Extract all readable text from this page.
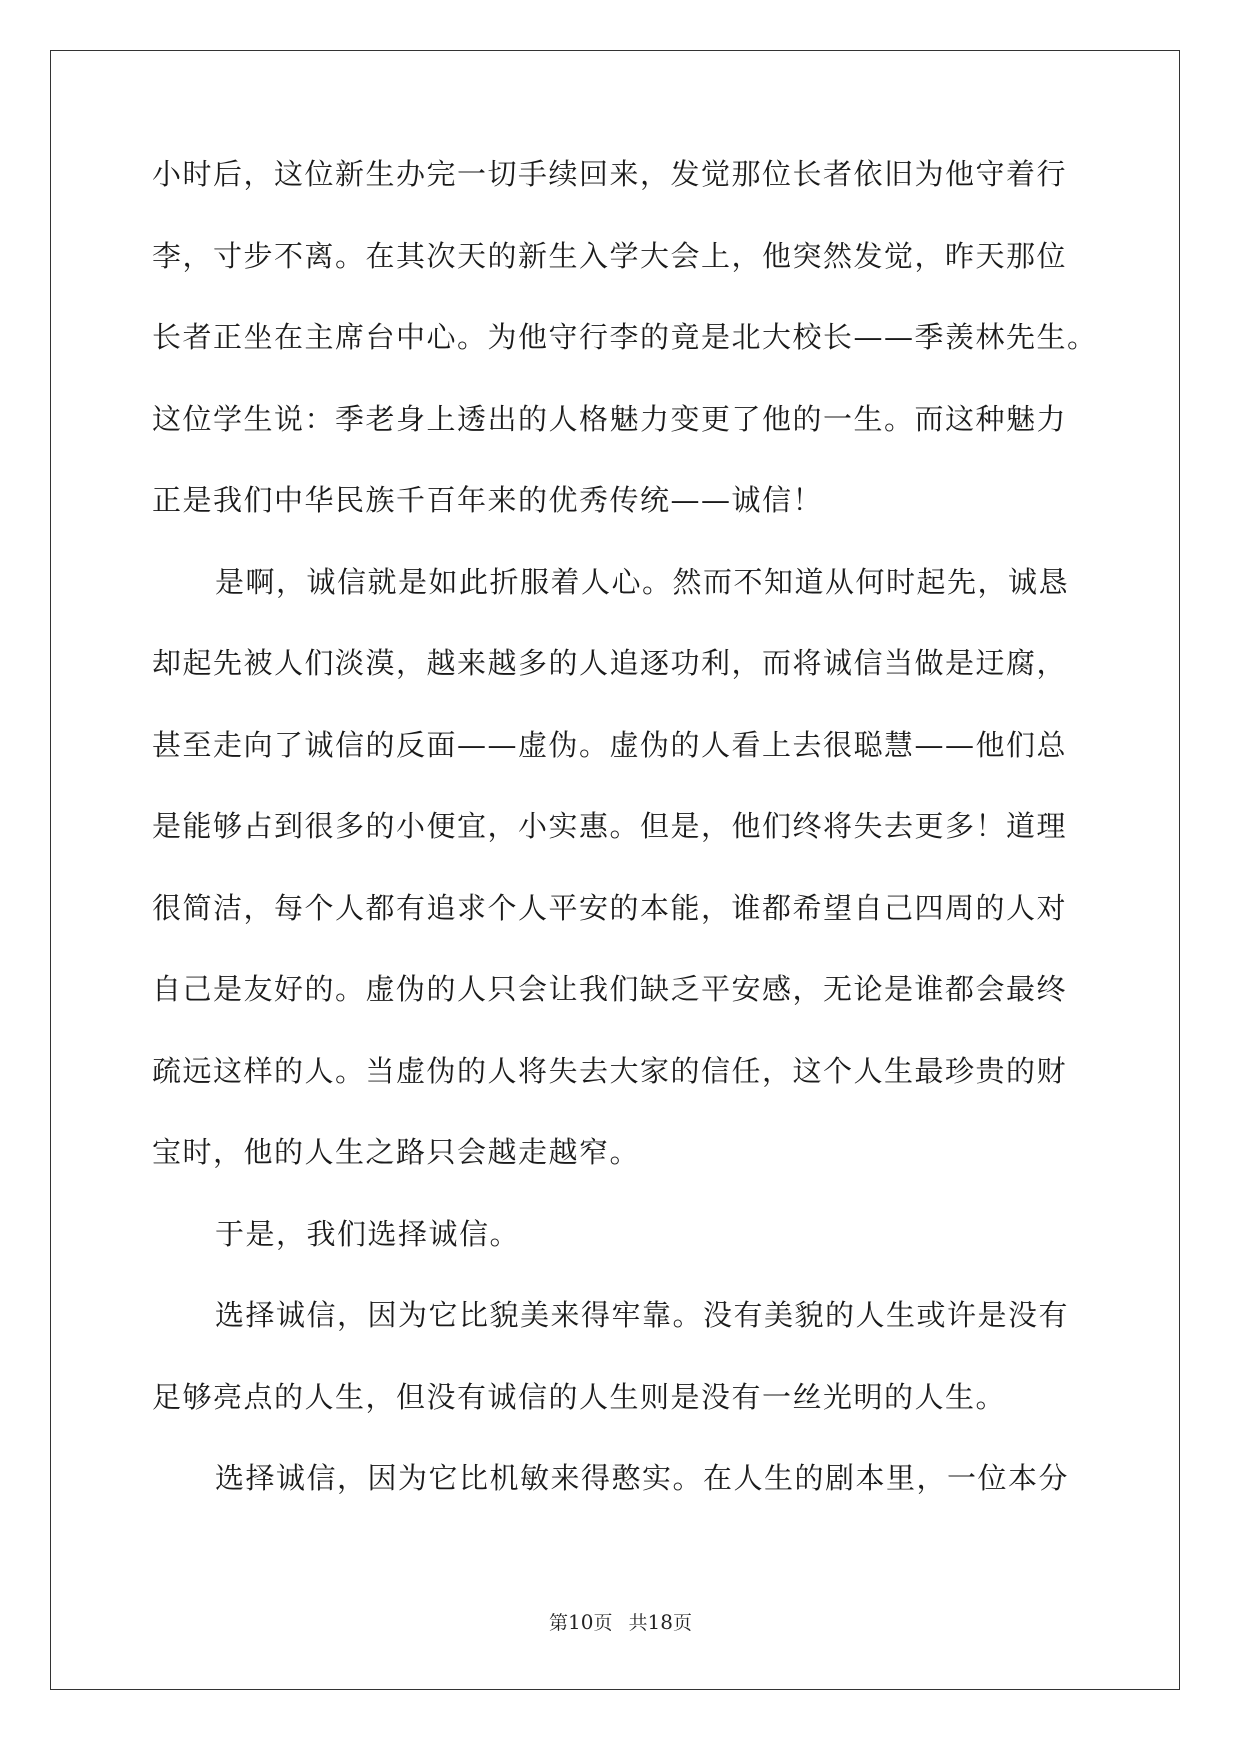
小时后，这位新生办完一切手续回来，发觉那位长者依旧为他守着行
李，寸步不离。在其次天的新生入学大会上，他突然发觉，昨天那位
长者正坐在主席台中心。为他守行李的竟是北大校长——季羡林先生。
这位学生说：季老身上透出的人格魅力变更了他的一生。而这种魅力
正是我们中华民族千百年来的优秀传统——诚信！
是啊，诚信就是如此折服着人心。然而不知道从何时起先，诚恳
却起先被人们淡漠，越来越多的人追逐功利，而将诚信当做是迂腐，
甚至走向了诚信的反面——虚伪。虚伪的人看上去很聪慧——他们总
是能够占到很多的小便宜，小实惠。但是，他们终将失去更多！道理
很简洁，每个人都有追求个人平安的本能，谁都希望自己四周的人对
自己是友好的。虚伪的人只会让我们缺乏平安感，无论是谁都会最终
疏远这样的人。当虚伪的人将失去大家的信任，这个人生最珍贵的财
宝时，他的人生之路只会越走越窄。
于是，我们选择诚信。
选择诚信，因为它比貌美来得牢靠。没有美貌的人生或许是没有
足够亮点的人生，但没有诚信的人生则是没有一丝光明的人生。
选择诚信，因为它比机敏来得憨实。在人生的剧本里，一位本分
第10页 共18页
